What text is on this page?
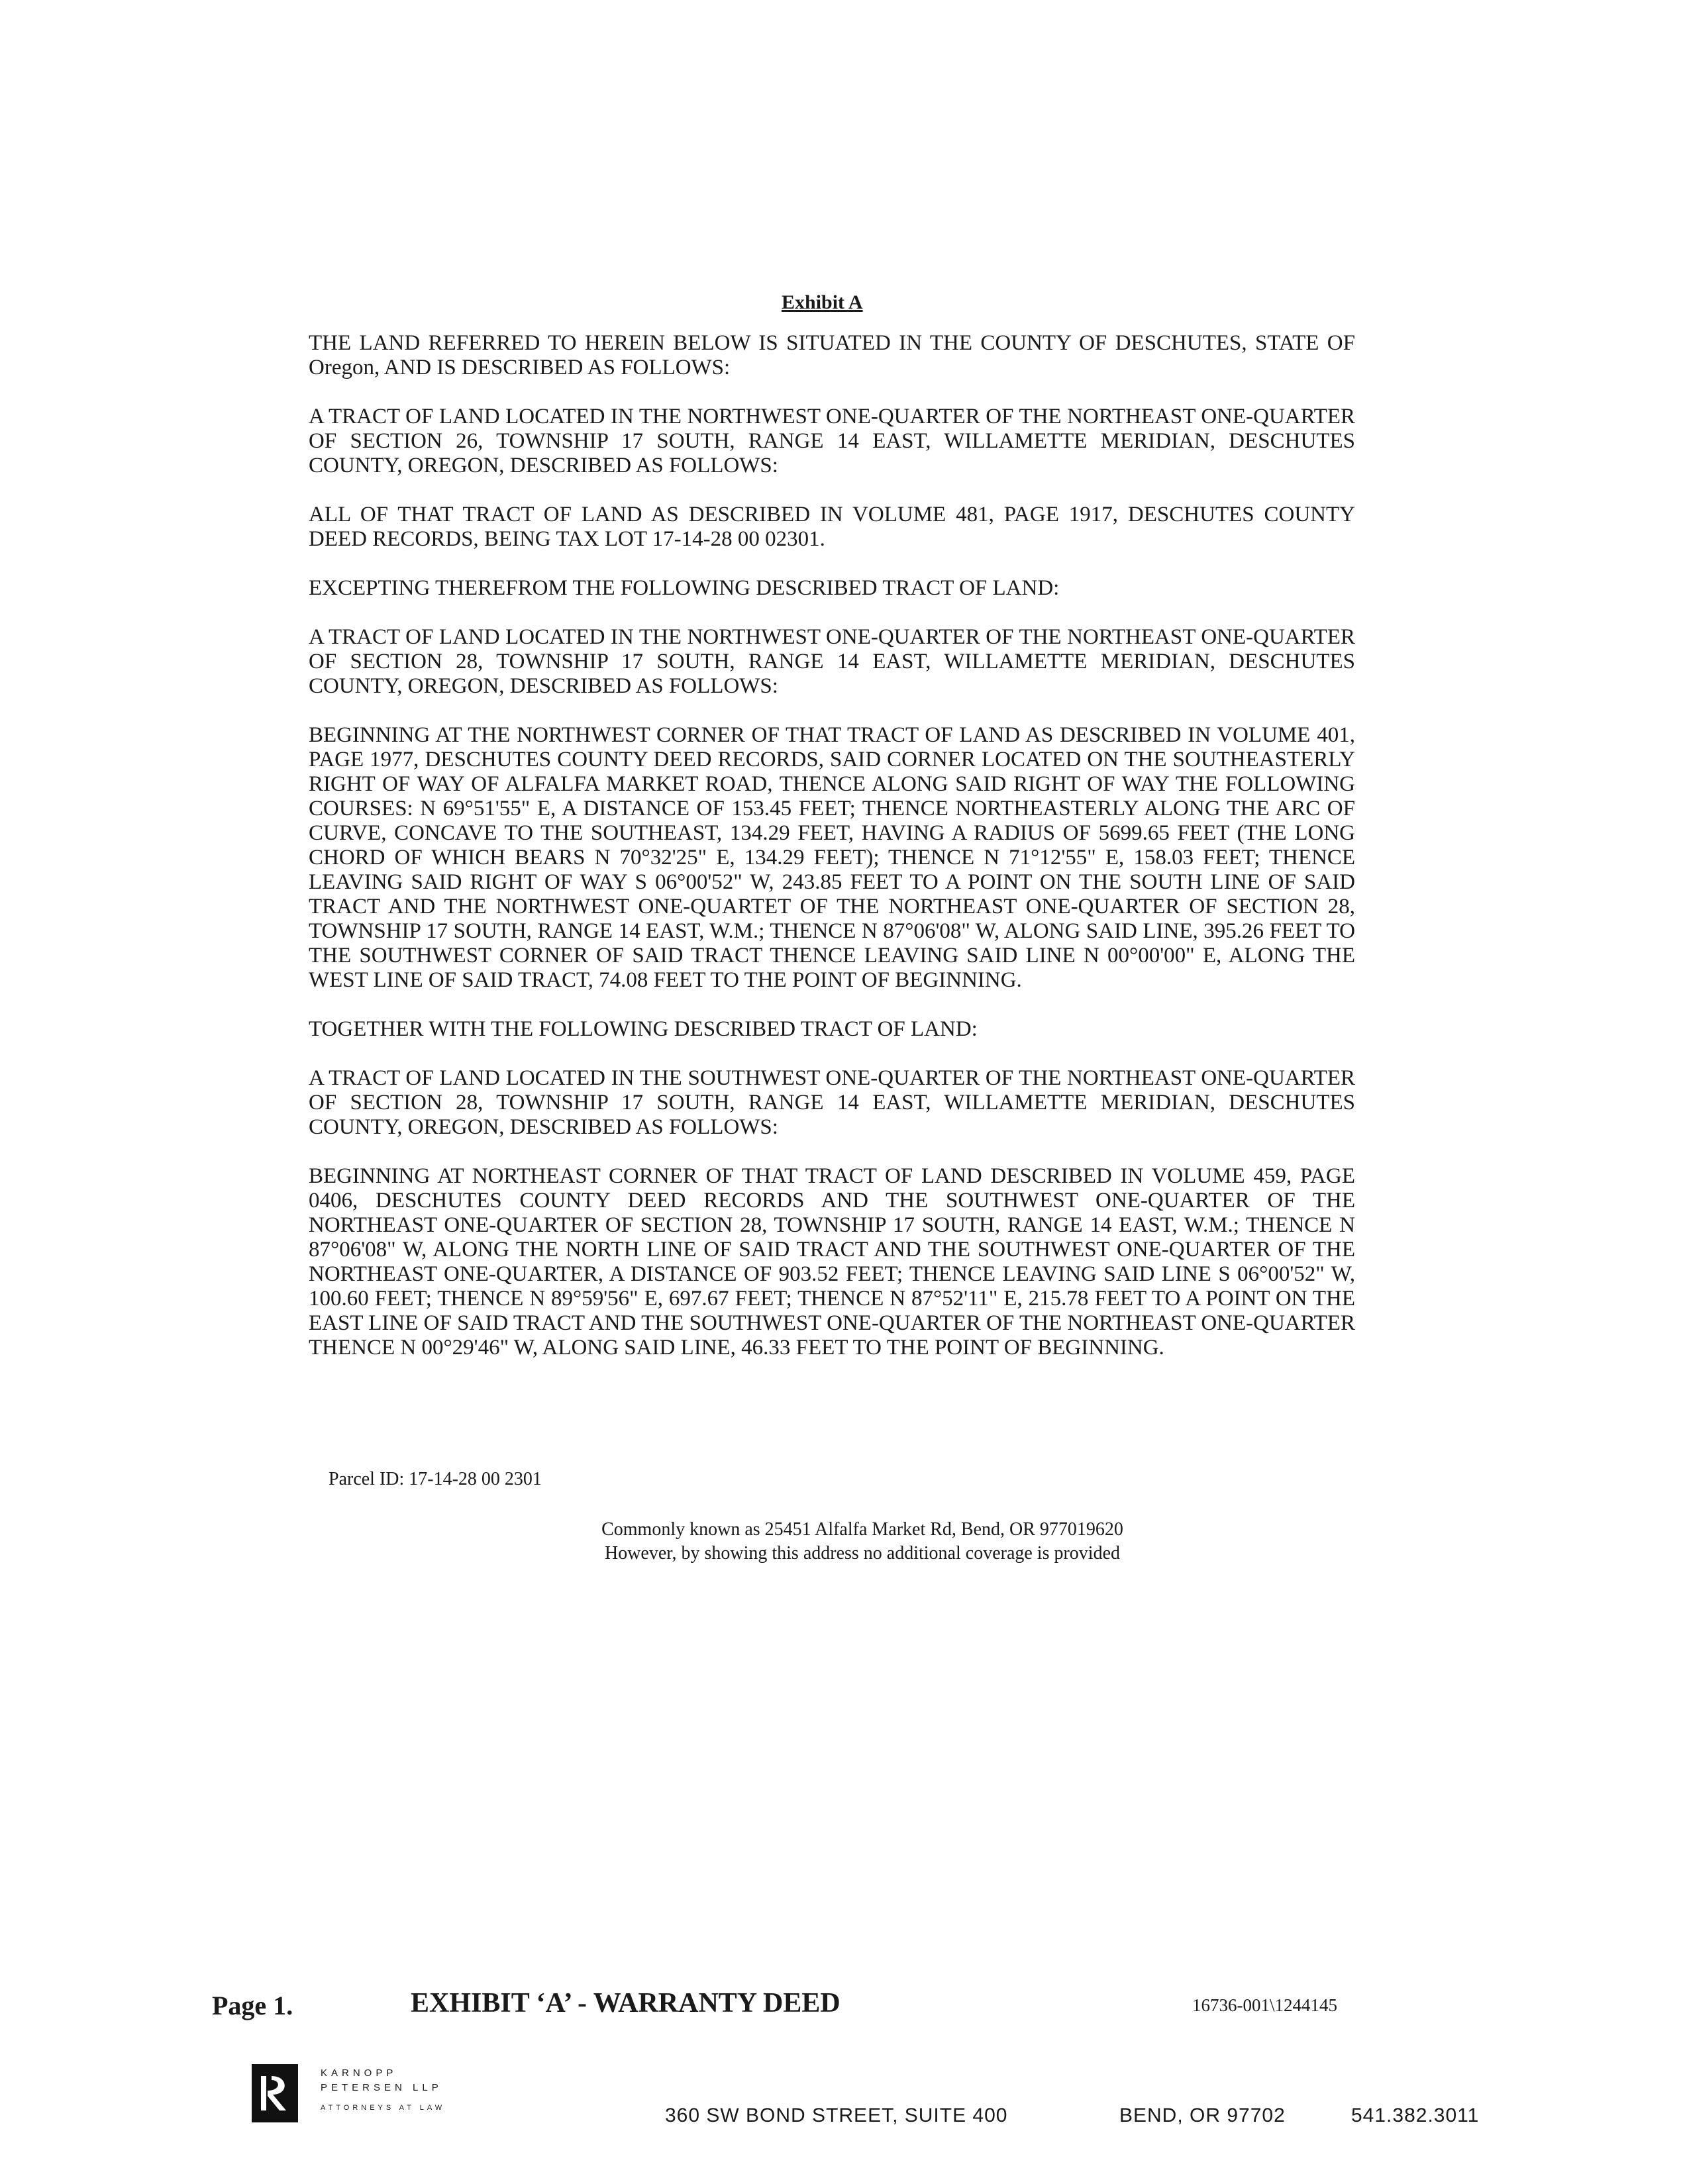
Exhibit A

THE LAND REFERRED TO HEREIN BELOW IS SITUATED IN THE COUNTY OF DESCHUTES, STATE OF Oregon, AND IS DESCRIBED AS FOLLOWS:

A TRACT OF LAND LOCATED IN THE NORTHWEST ONE-QUARTER OF THE NORTHEAST ONE-QUARTER OF SECTION 26, TOWNSHIP 17 SOUTH, RANGE 14 EAST, WILLAMETTE MERIDIAN, DESCHUTES COUNTY, OREGON, DESCRIBED AS FOLLOWS:

ALL OF THAT TRACT OF LAND AS DESCRIBED IN VOLUME 481, PAGE 1917, DESCHUTES COUNTY DEED RECORDS, BEING TAX LOT 17-14-28 00 02301.

EXCEPTING THEREFROM THE FOLLOWING DESCRIBED TRACT OF LAND:

A TRACT OF LAND LOCATED IN THE NORTHWEST ONE-QUARTER OF THE NORTHEAST ONE-QUARTER OF SECTION 28, TOWNSHIP 17 SOUTH, RANGE 14 EAST, WILLAMETTE MERIDIAN, DESCHUTES COUNTY, OREGON, DESCRIBED AS FOLLOWS:

BEGINNING AT THE NORTHWEST CORNER OF THAT TRACT OF LAND AS DESCRIBED IN VOLUME 401, PAGE 1977, DESCHUTES COUNTY DEED RECORDS, SAID CORNER LOCATED ON THE SOUTHEASTERLY RIGHT OF WAY OF ALFALFA MARKET ROAD, THENCE ALONG SAID RIGHT OF WAY THE FOLLOWING COURSES: N 69°51'55" E, A DISTANCE OF 153.45 FEET; THENCE NORTHEASTERLY ALONG THE ARC OF CURVE, CONCAVE TO THE SOUTHEAST, 134.29 FEET, HAVING A RADIUS OF 5699.65 FEET (THE LONG CHORD OF WHICH BEARS N 70°32'25" E, 134.29 FEET); THENCE N 71°12'55" E, 158.03 FEET; THENCE LEAVING SAID RIGHT OF WAY S 06°00'52" W, 243.85 FEET TO A POINT ON THE SOUTH LINE OF SAID TRACT AND THE NORTHWEST ONE-QUARTET OF THE NORTHEAST ONE-QUARTER OF SECTION 28, TOWNSHIP 17 SOUTH, RANGE 14 EAST, W.M.; THENCE N 87°06'08" W, ALONG SAID LINE, 395.26 FEET TO THE SOUTHWEST CORNER OF SAID TRACT THENCE LEAVING SAID LINE N 00°00'00" E, ALONG THE WEST LINE OF SAID TRACT, 74.08 FEET TO THE POINT OF BEGINNING.

TOGETHER WITH THE FOLLOWING DESCRIBED TRACT OF LAND:

A TRACT OF LAND LOCATED IN THE SOUTHWEST ONE-QUARTER OF THE NORTHEAST ONE-QUARTER OF SECTION 28, TOWNSHIP 17 SOUTH, RANGE 14 EAST, WILLAMETTE MERIDIAN, DESCHUTES COUNTY, OREGON, DESCRIBED AS FOLLOWS:

BEGINNING AT NORTHEAST CORNER OF THAT TRACT OF LAND DESCRIBED IN VOLUME 459, PAGE 0406, DESCHUTES COUNTY DEED RECORDS AND THE SOUTHWEST ONE-QUARTER OF THE NORTHEAST ONE-QUARTER OF SECTION 28, TOWNSHIP 17 SOUTH, RANGE 14 EAST, W.M.; THENCE N 87°06'08" W, ALONG THE NORTH LINE OF SAID TRACT AND THE SOUTHWEST ONE-QUARTER OF THE NORTHEAST ONE-QUARTER, A DISTANCE OF 903.52 FEET; THENCE LEAVING SAID LINE S 06°00'52" W, 100.60 FEET; THENCE N 89°59'56" E, 697.67 FEET; THENCE N 87°52'11" E, 215.78 FEET TO A POINT ON THE EAST LINE OF SAID TRACT AND THE SOUTHWEST ONE-QUARTER OF THE NORTHEAST ONE-QUARTER THENCE N 00°29'46" W, ALONG SAID LINE, 46.33 FEET TO THE POINT OF BEGINNING.

Parcel ID: 17-14-28 00 2301
Commonly known as 25451 Alfalfa Market Rd, Bend, OR 977019620
However, by showing this address no additional coverage is provided
Page 1.	EXHIBIT ‘A’ - WARRANTY DEED	16736-001\1244145
KARNOPP
PETERSEN LLP
ATTORNEYS AT LAW	360 SW BOND STREET, SUITE 400	BEND, OR 97702	541.382.3011
